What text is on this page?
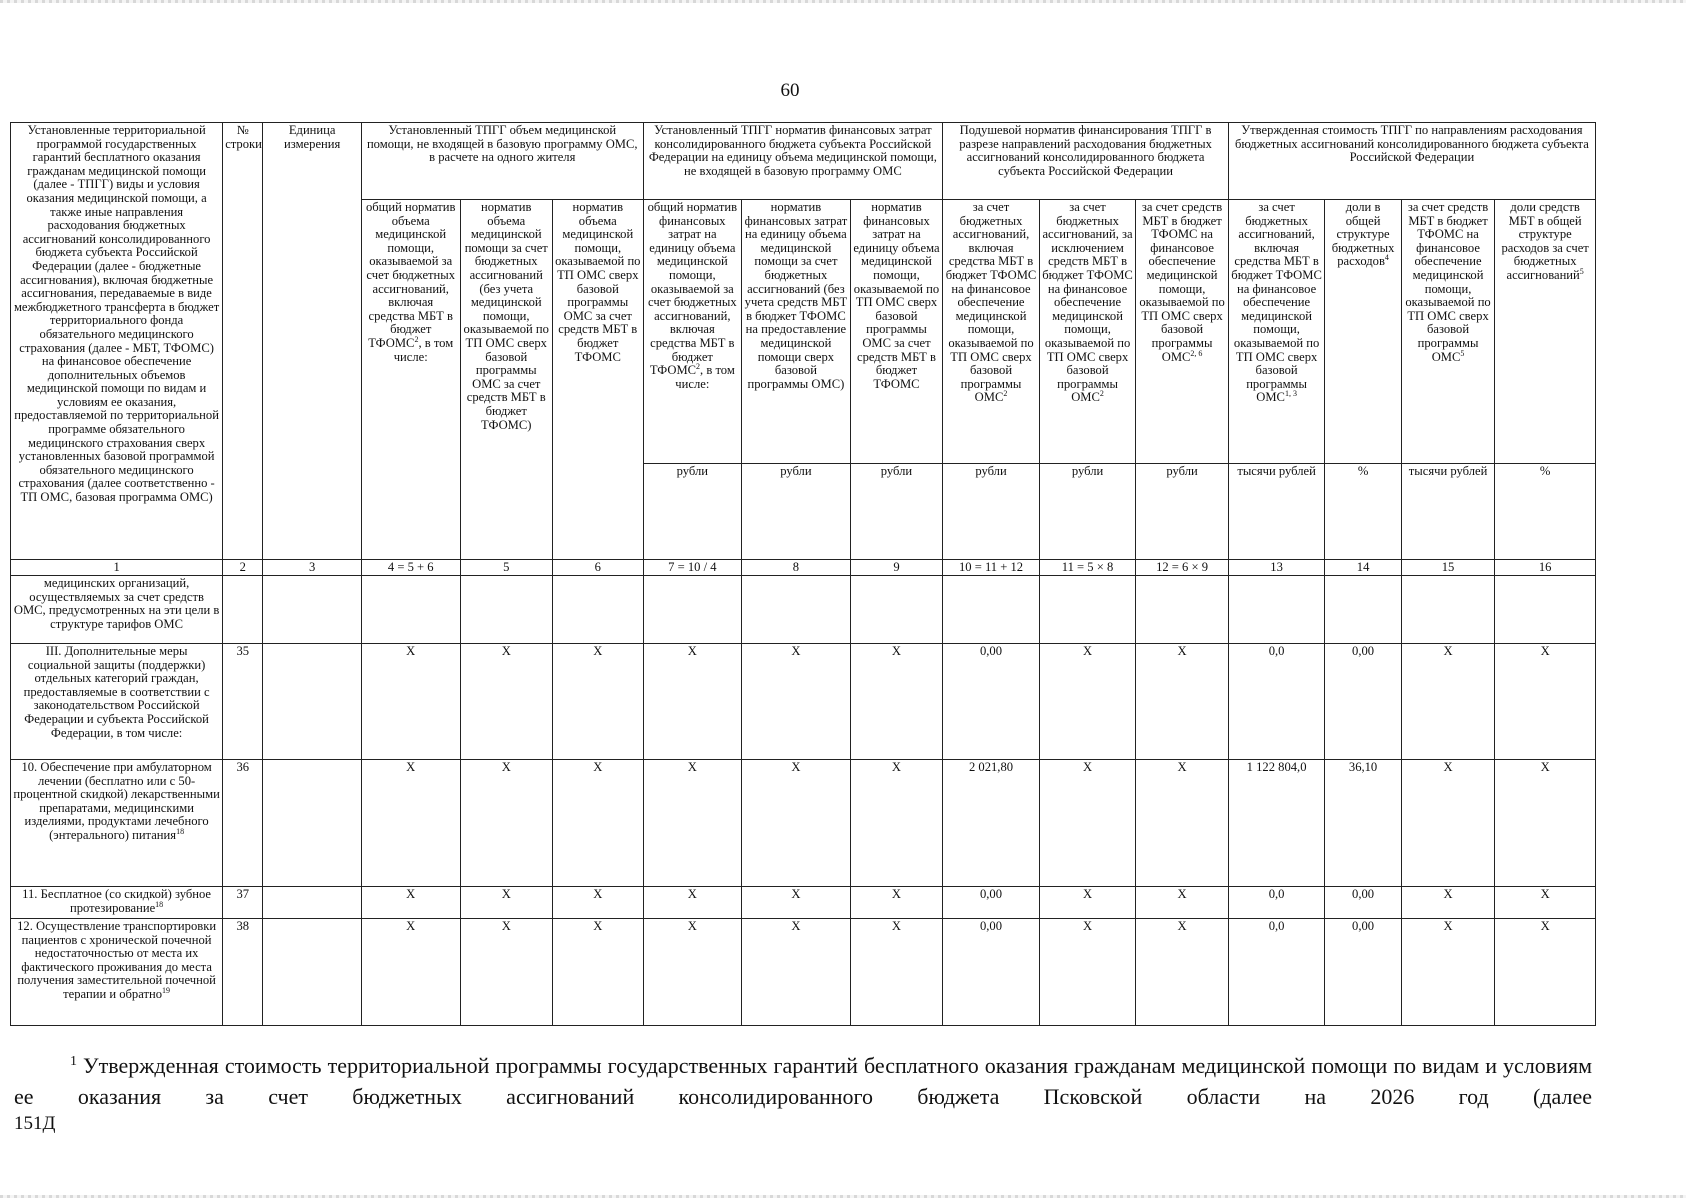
60
Установленные территориальной программой государственных гарантий бесплатного оказания гражданам медицинской помощи (далее - ТПГГ) виды и условия оказания медицинской помощи, а также иные направления расходования бюджетных ассигнований консолидированного бюджета субъекта Российской Федерации (далее - бюджетные ассигнования), включая бюджетные ассигнования, передаваемые в виде межбюджетного трансферта в бюджет территориального фонда обязательного медицинского страхования (далее - МБТ, ТФОМС) на финансовое обеспечение дополнительных объемов медицинской помощи по видам и условиям ее оказания, предоставляемой по территориальной программе обязательного медицинского страхования сверх установленных базовой программой обязательного медицинского страхования (далее соответственно - ТП ОМС, базовая программа ОМС)	№ строки	Единица измерения	Установленный ТПГГ объем медицинской помощи, не входящей в базовую программу ОМС, в расчете на одного жителя			Установленный ТПГГ норматив финансовых затрат консолидированного бюджета субъекта Российской Федерации на единицу объема медицинской помощи, не входящей в базовую программу ОМС			Подушевой норматив финансирования ТПГГ в разрезе направлений расходования бюджетных ассигнований консолидированного бюджета субъекта Российской Федерации			Утвержденная стоимость ТПГГ по направлениям расходования бюджетных ассигнований консолидированного бюджета субъекта Российской Федерации			
			общий норматив объема медицинской помощи, оказываемой за счет бюджетных ассигнований, включая средства МБТ в бюджет ТФОМС$^2$, в том числе:	норматив объема медицинской помощи за счет бюджетных ассигнований (без учета медицинской помощи, оказываемой по ТП ОМС сверх базовой программы ОМС за счет средств МБТ в бюджет ТФОМС)	норматив объема медицинской помощи, оказываемой по ТП ОМС сверх базовой программы ОМС за счет средств МБТ в бюджет ТФОМС	общий норматив финансовых затрат на единицу объема медицинской помощи, оказываемой за счет бюджетных ассигнований, включая средства МБТ в бюджет ТФОМС$^2$, в том числе:	норматив финансовых затрат на единицу объема медицинской помощи за счет бюджетных ассигнований (без учета средств МБТ в бюджет ТФОМС на предоставление медицинской помощи сверх базовой программы ОМС)	норматив финансовых затрат на единицу объема медицинской помощи, оказываемой по ТП ОМС сверх базовой программы ОМС за счет средств МБТ в бюджет ТФОМС	за счет бюджетных ассигнований, включая средства МБТ в бюджет ТФОМС на финансовое обеспечение медицинской помощи, оказываемой по ТП ОМС сверх базовой программы ОМС$^2$	за счет бюджетных ассигнований, за исключением средств МБТ в бюджет ТФОМС на финансовое обеспечение медицинской помощи, оказываемой по ТП ОМС сверх базовой программы ОМС$^2$	за счет средств МБТ в бюджет ТФОМС на финансовое обеспечение медицинской помощи, оказываемой по ТП ОМС сверх базовой программы ОМС$^{2, 6}$	за счет бюджетных ассигнований, включая средства МБТ в бюджет ТФОМС на финансовое обеспечение медицинской помощи, оказываемой по ТП ОМС сверх базовой программы ОМС$^{1, 3}$	доли в общей структуре бюджетных расходов$^4$	за счет средств МБТ в бюджет ТФОМС на финансовое обеспечение медицинской помощи, оказываемой по ТП ОМС сверх базовой программы ОМС$^5$	доли средств МБТ в общей структуре расходов за счет бюджетных ассигнований$^5$
						рубли	рубли	рубли	рубли	рубли	рубли	тысячи рублей	%	тысячи рублей	%
1	2	3	4 = 5 + 6	5	6	7 = 10 / 4	8	9	10 = 11 + 12	11 = 5 × 8	12 = 6 × 9	13	14	15	16
медицинских организаций, осуществляемых за счет средств ОМС, предусмотренных на эти цели в структуре тарифов ОМС															
III. Дополнительные меры социальной защиты (поддержки) отдельных категорий граждан, предоставляемые в соответствии с законодательством Российской Федерации и субъекта Российской Федерации, в том числе:	35		X	X	X	X	X	X	0,00	X	X	0,0	0,00	X	X
10. Обеспечение при амбулаторном лечении (бесплатно или с 50-процентной скидкой) лекарственными препаратами, медицинскими изделиями, продуктами лечебного (энтерального) питания$^{18}$	36		X	X	X	X	X	X	2 021,80	X	X	1 122 804,0	36,10	X	X
11. Бесплатное (со скидкой) зубное протезирование$^{18}$	37		X	X	X	X	X	X	0,00	X	X	0,0	0,00	X	X
12. Осуществление транспортировки пациентов с хронической почечной недостаточностью от места их фактического проживания до места получения заместительной почечной терапии и обратно$^{19}$	38		X	X	X	X	X	X	0,00	X	X	0,0	0,00	X	X
$^1$ Утвержденная стоимость территориальной программы государственных гарантий бесплатного оказания гражданам медицинской помощи по видам и условиям ее оказания за счет бюджетных ассигнований консолидированного бюджета Псковской области на 2026 год (далее
151Д
